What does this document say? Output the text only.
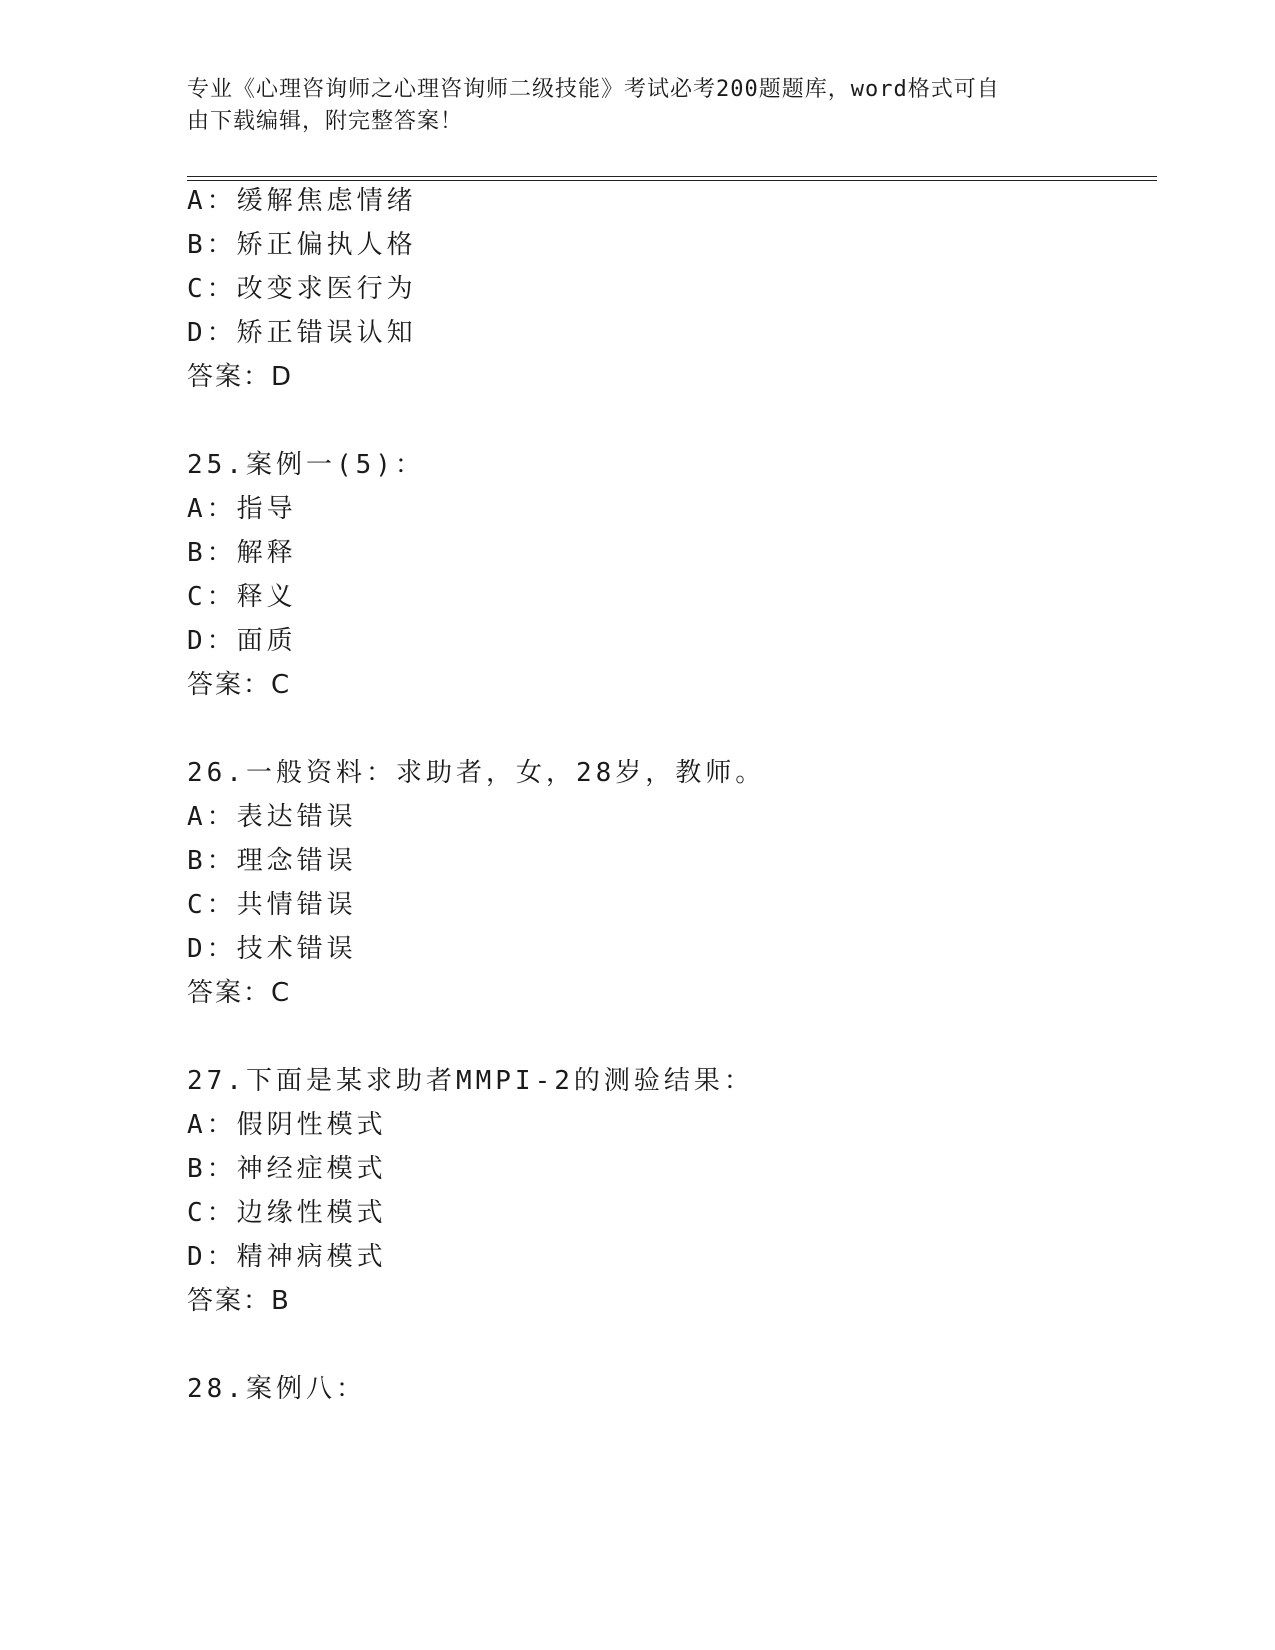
专业《心理咨询师之心理咨询师二级技能》考试必考200题题库，word格式可自
由下载编辑，附完整答案！
A：缓解焦虑情绪
B：矫正偏执人格
C：改变求医行为
D：矫正错误认知
答案：D
25.案例一(5)：
A：指导
B：解释
C：释义
D：面质
答案：C
26.一般资料：求助者，女，28岁，教师。
A：表达错误
B：理念错误
C：共情错误
D：技术错误
答案：C
27.下面是某求助者MMPI-2的测验结果：
A：假阴性模式
B：神经症模式
C：边缘性模式
D：精神病模式
答案：B
28.案例八：
